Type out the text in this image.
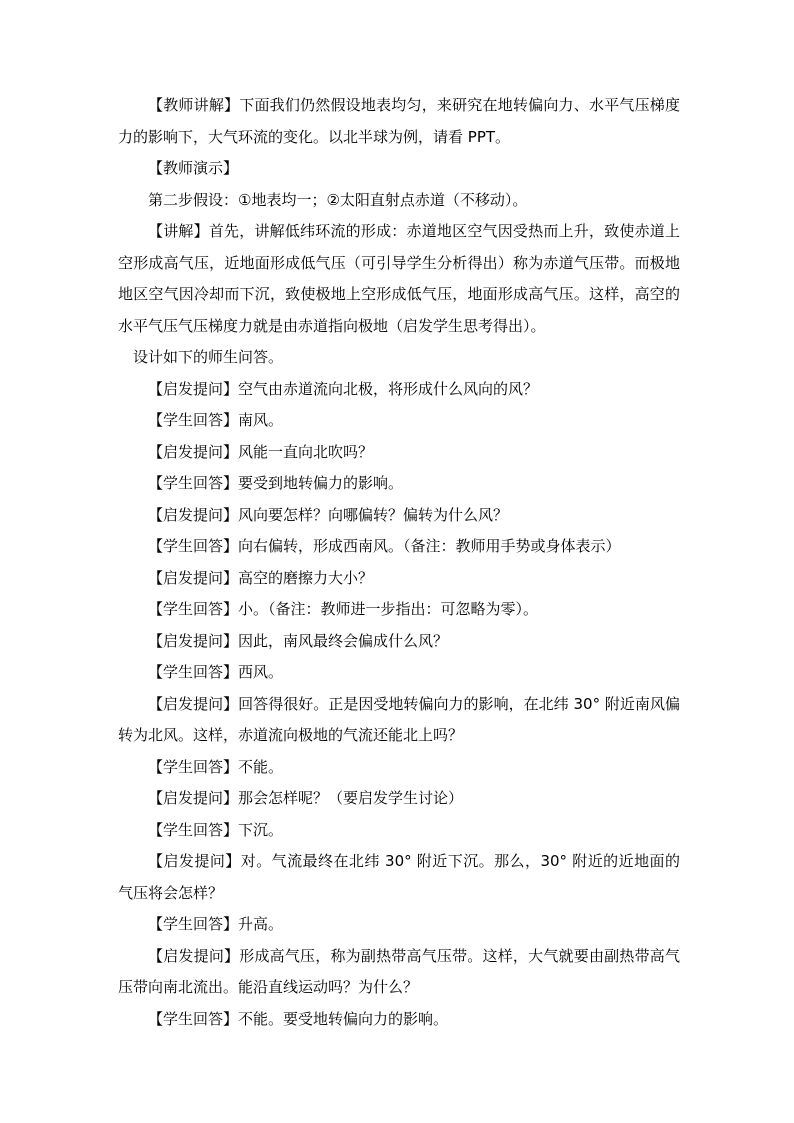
【教师讲解】下面我们仍然假设地表均匀，来研究在地转偏向力、水平气压梯度力的影响下，大气环流的变化。以北半球为例，请看 PPT。

【教师演示】

第二步假设：①地表均一；②太阳直射点赤道（不移动）。

【讲解】首先，讲解低纬环流的形成：赤道地区空气因受热而上升，致使赤道上空形成高气压，近地面形成低气压（可引导学生分析得出）称为赤道气压带。而极地地区空气因冷却而下沉，致使极地上空形成低气压，地面形成高气压。这样，高空的水平气压气压梯度力就是由赤道指向极地（启发学生思考得出）。

设计如下的师生问答。

【启发提问】空气由赤道流向北极，将形成什么风向的风？

【学生回答】南风。

【启发提问】风能一直向北吹吗？

【学生回答】要受到地转偏力的影响。

【启发提问】风向要怎样？向哪偏转？偏转为什么风？

【学生回答】向右偏转，形成西南风。（备注：教师用手势或身体表示）

【启发提问】高空的磨擦力大小？

【学生回答】小。（备注：教师进一步指出：可忽略为零）。

【启发提问】因此，南风最终会偏成什么风？

【学生回答】西风。

【启发提问】回答得很好。正是因受地转偏向力的影响，在北纬 30° 附近南风偏转为北风。这样，赤道流向极地的气流还能北上吗？

【学生回答】不能。

【启发提问】那会怎样呢？（要启发学生讨论）

【学生回答】下沉。

【启发提问】对。气流最终在北纬 30° 附近下沉。那么，30° 附近的近地面的气压将会怎样？

【学生回答】升高。

【启发提问】形成高气压，称为副热带高气压带。这样，大气就要由副热带高气压带向南北流出。能沿直线运动吗？为什么？

【学生回答】不能。要受地转偏向力的影响。
